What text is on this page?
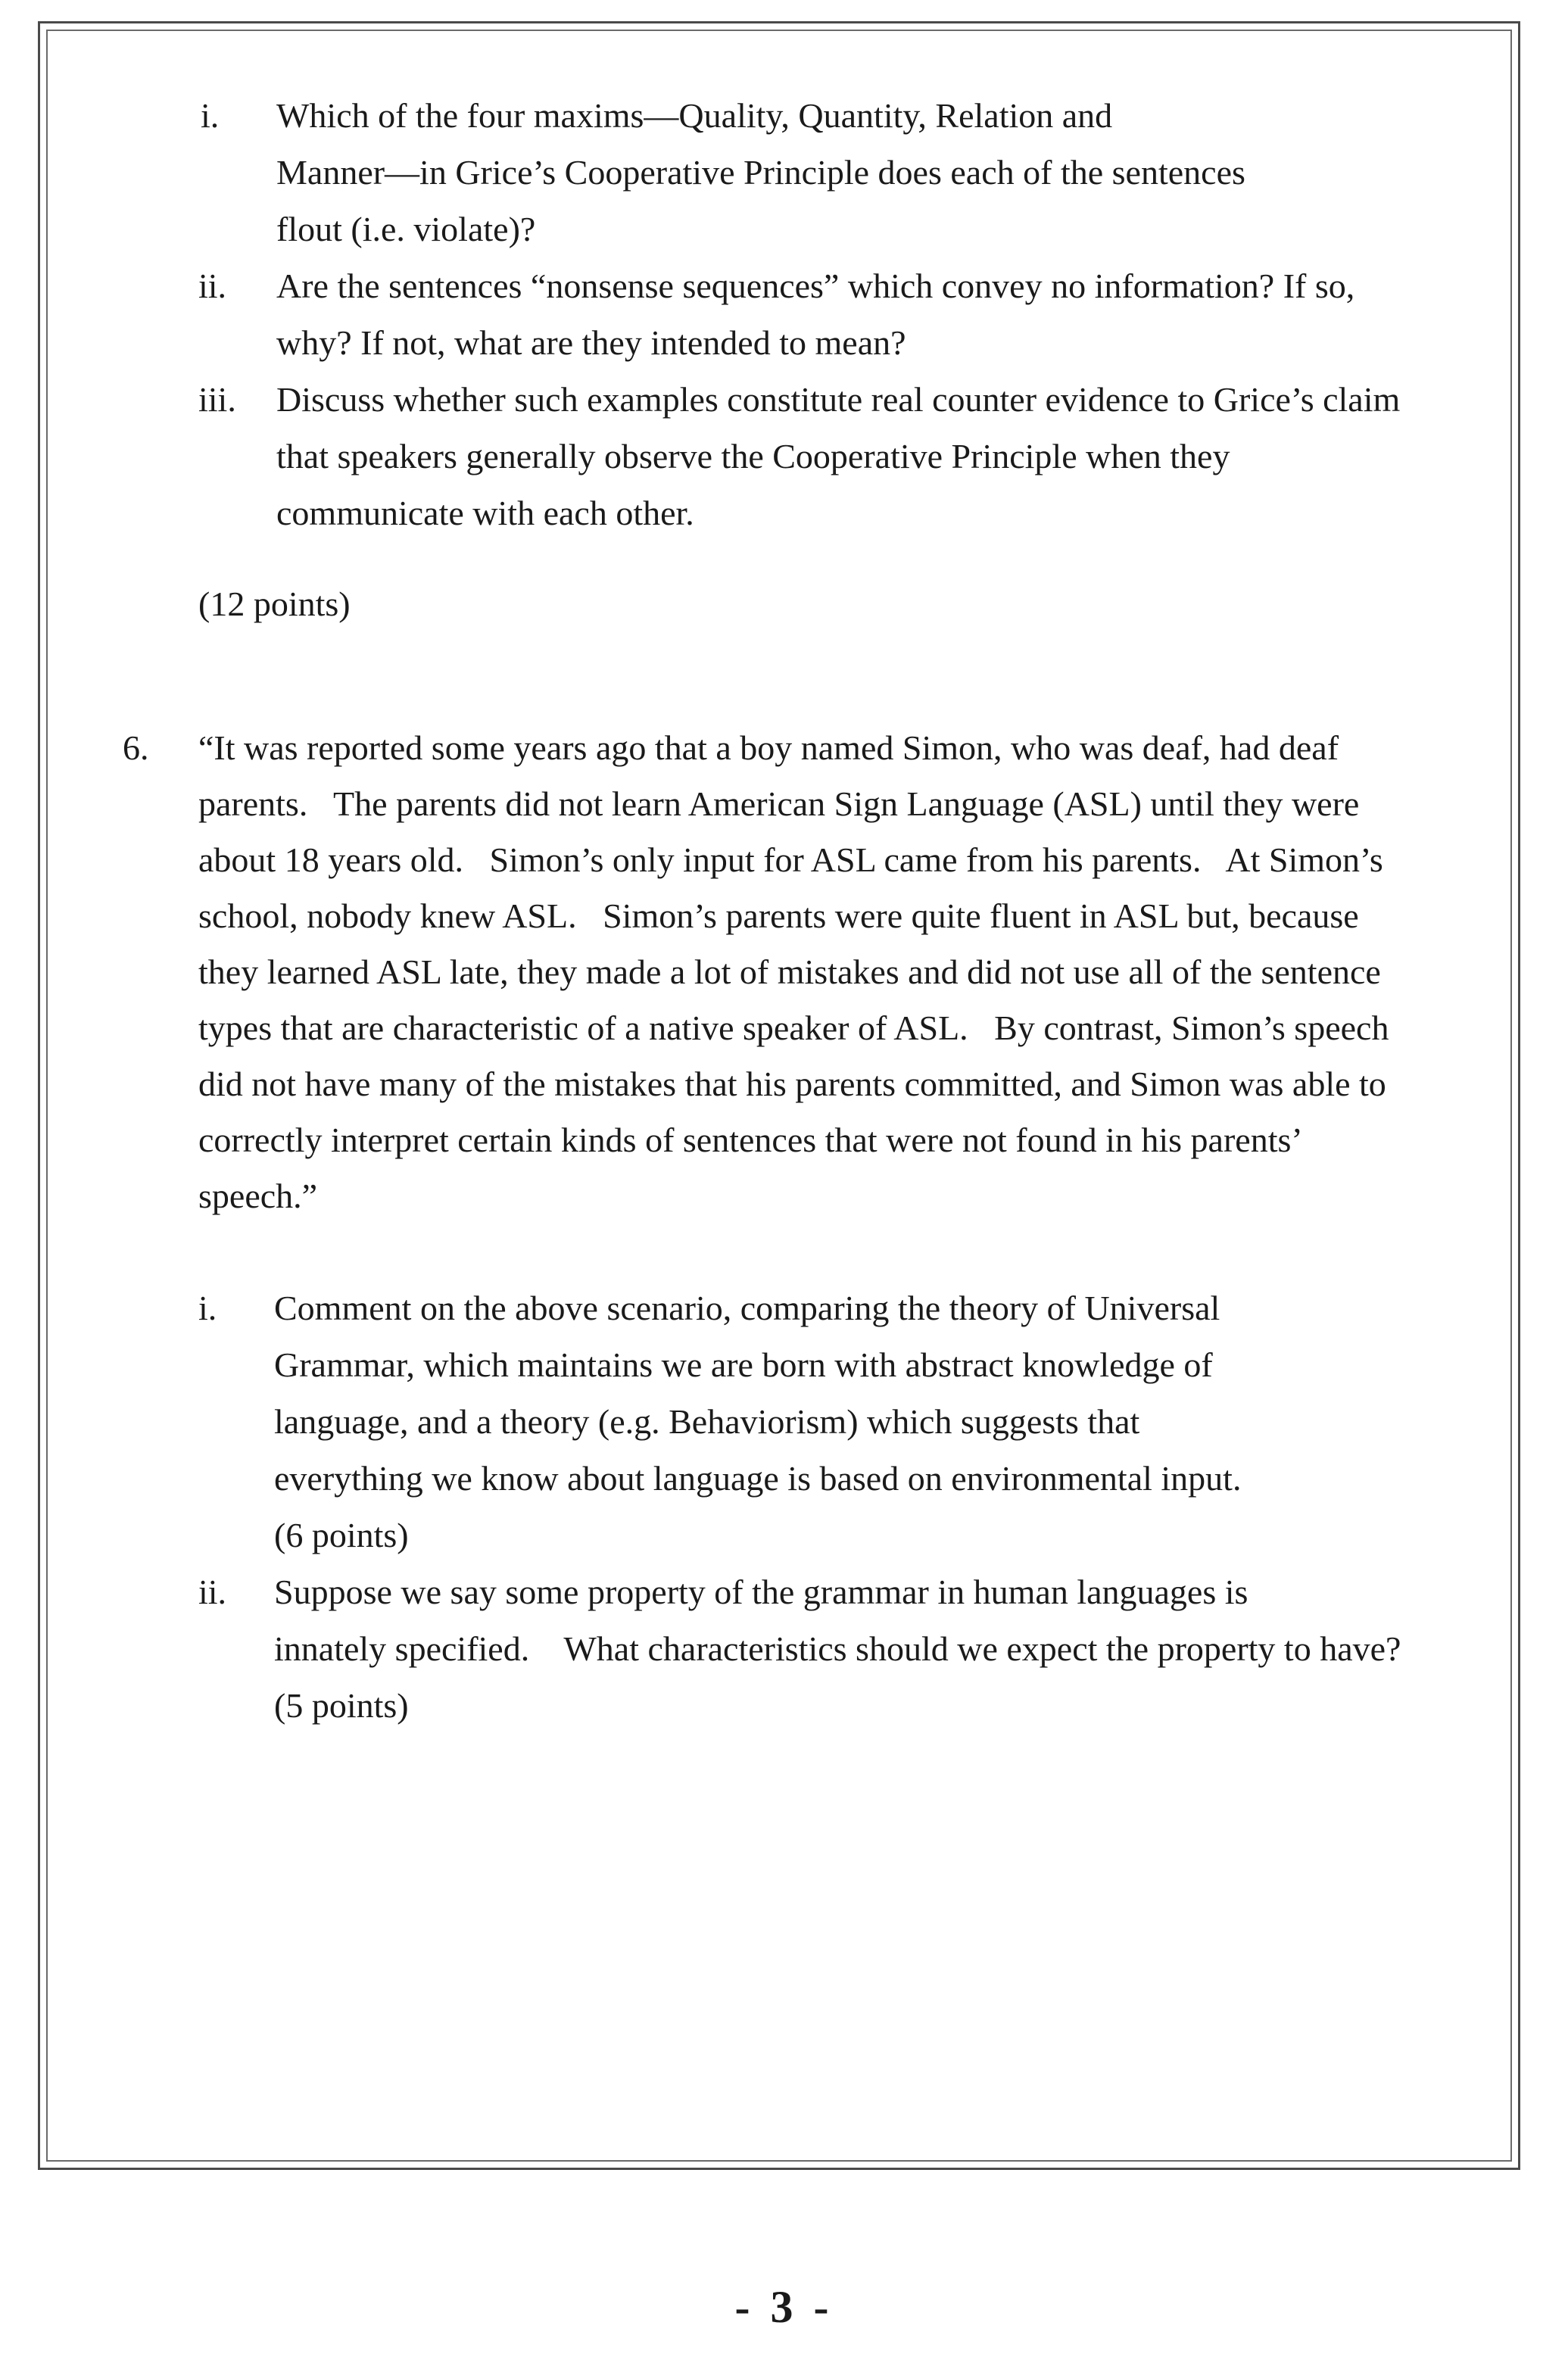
i. Which of the four maxims—Quality, Quantity, Relation and
Manner—in Grice’s Cooperative Principle does each of the sentences
flout (i.e. violate)?
ii. Are the sentences “nonsense sequences” which convey no information? If so,
why? If not, what are they intended to mean?
iii. Discuss whether such examples constitute real counter evidence to Grice’s claim
that speakers generally observe the Cooperative Principle when they
communicate with each other.
(12 points)
6. “It was reported some years ago that a boy named Simon, who was deaf, had deaf
parents.   The parents did not learn American Sign Language (ASL) until they were
about 18 years old.   Simon’s only input for ASL came from his parents.   At Simon’s
school, nobody knew ASL.   Simon’s parents were quite fluent in ASL but, because
they learned ASL late, they made a lot of mistakes and did not use all of the sentence
types that are characteristic of a native speaker of ASL.   By contrast, Simon’s speech
did not have many of the mistakes that his parents committed, and Simon was able to
correctly interpret certain kinds of sentences that were not found in his parents’
speech.”
i. Comment on the above scenario, comparing the theory of Universal
Grammar, which maintains we are born with abstract knowledge of
language, and a theory (e.g. Behaviorism) which suggests that
everything we know about language is based on environmental input.
(6 points)
ii. Suppose we say some property of the grammar in human languages is
innately specified.    What characteristics should we expect the property to have?
(5 points)
- 3 -
